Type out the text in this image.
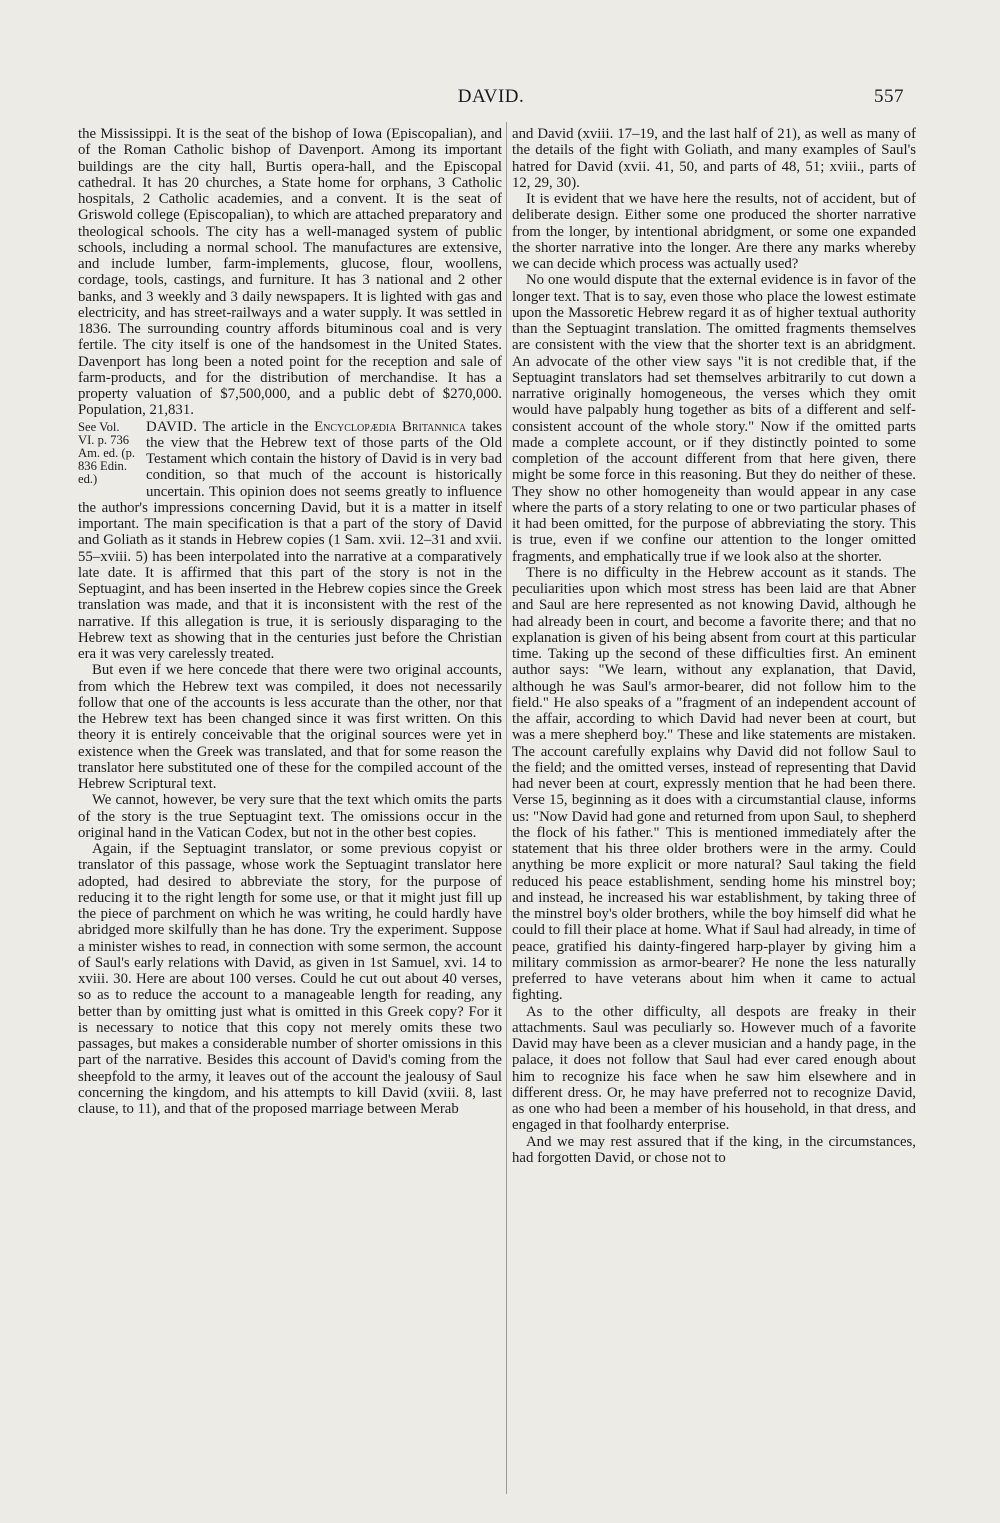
DAVID.	557

the Mississippi. It is the seat of the bishop of Iowa (Episcopalian), and of the Roman Catholic bishop of Davenport. Among its important buildings are the city hall, Burtis opera-hall, and the Episcopal cathedral. It has 20 churches, a State home for orphans, 3 Catholic hospitals, 2 Catholic academies, and a convent. It is the seat of Griswold college (Episcopalian), to which are attached preparatory and theological schools. The city has a well-managed system of public schools, including a normal school. The manufactures are extensive, and include lumber, farm-implements, glucose, flour, woollens, cordage, tools, castings, and furniture. It has 3 national and 2 other banks, and 3 weekly and 3 daily newspapers. It is lighted with gas and electricity, and has street-railways and a water supply. It was settled in 1836. The surrounding country affords bituminous coal and is very fertile. The city itself is one of the handsomest in the United States. Davenport has long been a noted point for the reception and sale of farm-products, and for the distribution of merchandise. It has a property valuation of $7,500,000, and a public debt of $270,000. Population, 21,831.

See Vol. VI. p. 736 Am. ed. (p. 836 Edin. ed.)
DAVID. The article in the Encyclopædia Britannica takes the view that the Hebrew text of those parts of the Old Testament which contain the history of David is in very bad condition, so that much of the account is historically uncertain. This opinion does not seems greatly to influence the author's impressions concerning David, but it is a matter in itself important. The main specification is that a part of the story of David and Goliath as it stands in Hebrew copies (1 Sam. xvii. 12–31 and xvii. 55–xviii. 5) has been interpolated into the narrative at a comparatively late date. It is affirmed that this part of the story is not in the Septuagint, and has been inserted in the Hebrew copies since the Greek translation was made, and that it is inconsistent with the rest of the narrative. If this allegation is true, it is seriously disparaging to the Hebrew text as showing that in the centuries just before the Christian era it was very carelessly treated.

But even if we here concede that there were two original accounts, from which the Hebrew text was compiled, it does not necessarily follow that one of the accounts is less accurate than the other, nor that the Hebrew text has been changed since it was first written. On this theory it is entirely conceivable that the original sources were yet in existence when the Greek was translated, and that for some reason the translator here substituted one of these for the compiled account of the Hebrew Scriptural text.

We cannot, however, be very sure that the text which omits the parts of the story is the true Septuagint text. The omissions occur in the original hand in the Vatican Codex, but not in the other best copies.

Again, if the Septuagint translator, or some previous copyist or translator of this passage, whose work the Septuagint translator here adopted, had desired to abbreviate the story, for the purpose of reducing it to the right length for some use, or that it might just fill up the piece of parchment on which he was writing, he could hardly have abridged more skilfully than he has done. Try the experiment. Suppose a minister wishes to read, in connection with some sermon, the account of Saul's early relations with David, as given in 1st Samuel, xvi. 14 to xviii. 30. Here are about 100 verses. Could he cut out about 40 verses, so as to reduce the account to a manageable length for reading, any better than by omitting just what is omitted in this Greek copy? For it is necessary to notice that this copy not merely omits these two passages, but makes a considerable number of shorter omissions in this part of the narrative. Besides this account of David's coming from the sheepfold to the army, it leaves out of the account the jealousy of Saul concerning the kingdom, and his attempts to kill David (xviii. 8, last clause, to 11), and that of the proposed marriage between Merab

and David (xviii. 17–19, and the last half of 21), as well as many of the details of the fight with Goliath, and many examples of Saul's hatred for David (xvii. 41, 50, and parts of 48, 51; xviii., parts of 12, 29, 30).

It is evident that we have here the results, not of accident, but of deliberate design. Either some one produced the shorter narrative from the longer, by intentional abridgment, or some one expanded the shorter narrative into the longer. Are there any marks whereby we can decide which process was actually used?

No one would dispute that the external evidence is in favor of the longer text. That is to say, even those who place the lowest estimate upon the Massoretic Hebrew regard it as of higher textual authority than the Septuagint translation. The omitted fragments themselves are consistent with the view that the shorter text is an abridgment. An advocate of the other view says "it is not credible that, if the Septuagint translators had set themselves arbitrarily to cut down a narrative originally homogeneous, the verses which they omit would have palpably hung together as bits of a different and self-consistent account of the whole story." Now if the omitted parts made a complete account, or if they distinctly pointed to some completion of the account different from that here given, there might be some force in this reasoning. But they do neither of these. They show no other homogeneity than would appear in any case where the parts of a story relating to one or two particular phases of it had been omitted, for the purpose of abbreviating the story. This is true, even if we confine our attention to the longer omitted fragments, and emphatically true if we look also at the shorter.

There is no difficulty in the Hebrew account as it stands. The peculiarities upon which most stress has been laid are that Abner and Saul are here represented as not knowing David, although he had already been in court, and become a favorite there; and that no explanation is given of his being absent from court at this particular time. Taking up the second of these difficulties first. An eminent author says: "We learn, without any explanation, that David, although he was Saul's armor-bearer, did not follow him to the field." He also speaks of a "fragment of an independent account of the affair, according to which David had never been at court, but was a mere shepherd boy." These and like statements are mistaken. The account carefully explains why David did not follow Saul to the field; and the omitted verses, instead of representing that David had never been at court, expressly mention that he had been there. Verse 15, beginning as it does with a circumstantial clause, informs us: "Now David had gone and returned from upon Saul, to shepherd the flock of his father." This is mentioned immediately after the statement that his three older brothers were in the army. Could anything be more explicit or more natural? Saul taking the field reduced his peace establishment, sending home his minstrel boy; and instead, he increased his war establishment, by taking three of the minstrel boy's older brothers, while the boy himself did what he could to fill their place at home. What if Saul had already, in time of peace, gratified his dainty-fingered harp-player by giving him a military commission as armor-bearer? He none the less naturally preferred to have veterans about him when it came to actual fighting.

As to the other difficulty, all despots are freaky in their attachments. Saul was peculiarly so. However much of a favorite David may have been as a clever musician and a handy page, in the palace, it does not follow that Saul had ever cared enough about him to recognize his face when he saw him elsewhere and in different dress. Or, he may have preferred not to recognize David, as one who had been a member of his household, in that dress, and engaged in that foolhardy enterprise.

And we may rest assured that if the king, in the circumstances, had forgotten David, or chose not to
